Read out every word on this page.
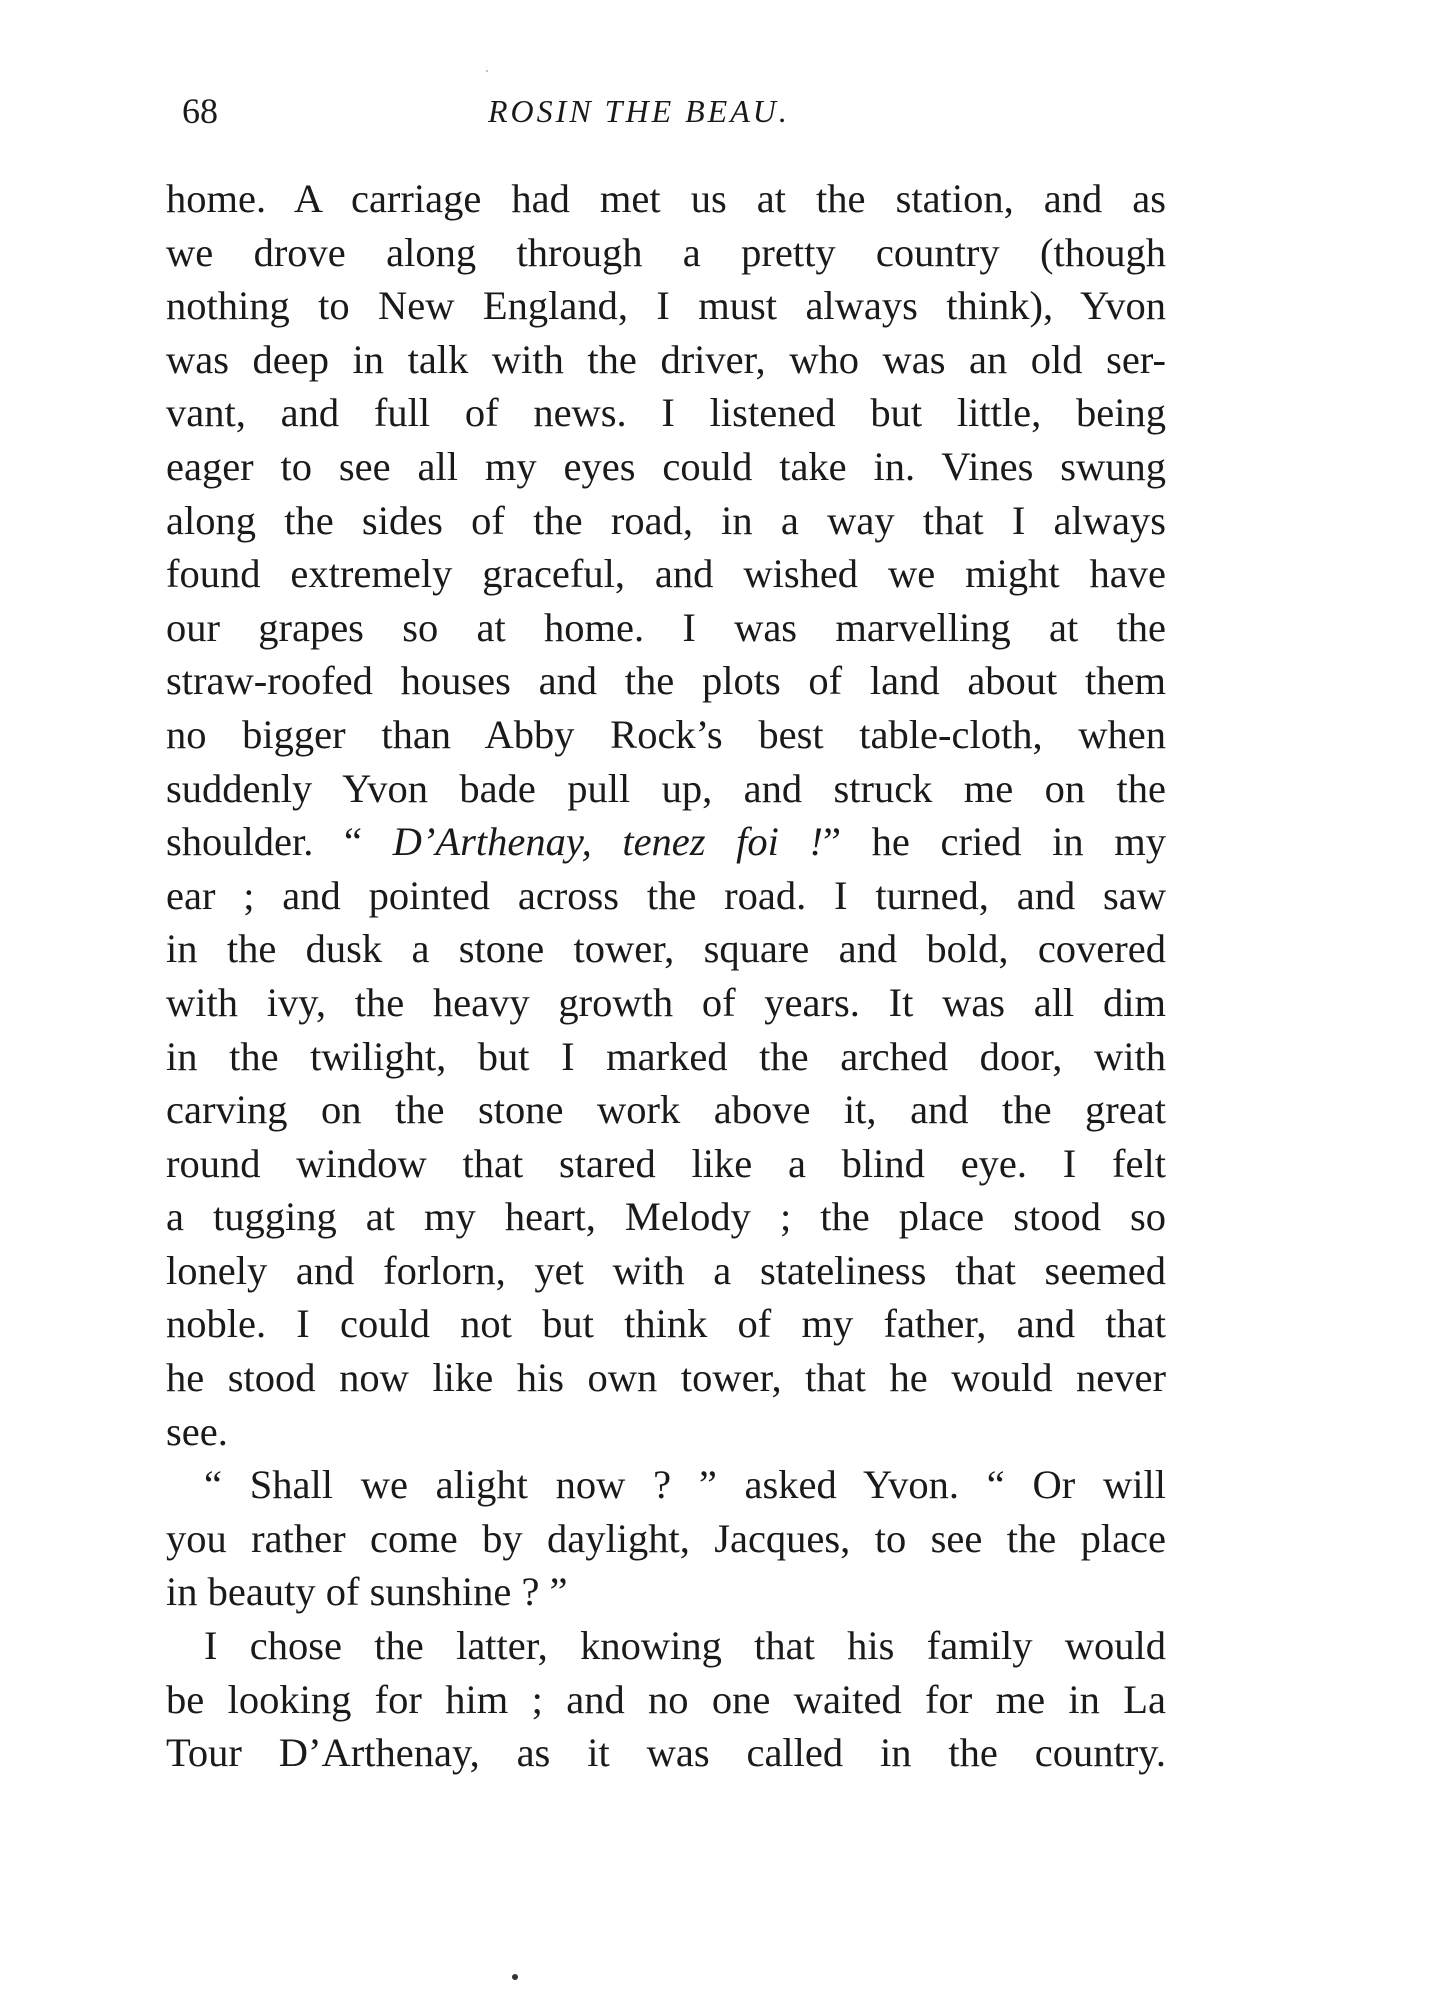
68	ROSIN THE BEAU.
home. A carriage had met us at the station, and as
we drove along through a pretty country (though
nothing to New England, I must always think), Yvon
was deep in talk with the driver, who was an old ser-
vant, and full of news. I listened but little, being
eager to see all my eyes could take in. Vines swung
along the sides of the road, in a way that I always
found extremely graceful, and wished we might have
our grapes so at home. I was marvelling at the
straw-roofed houses and the plots of land about them
no bigger than Abby Rock’s best table-cloth, when
suddenly Yvon bade pull up, and struck me on the
shoulder. “ D’Arthenay, tenez foi !” he cried in my
ear ; and pointed across the road. I turned, and saw
in the dusk a stone tower, square and bold, covered
with ivy, the heavy growth of years. It was all dim
in the twilight, but I marked the arched door, with
carving on the stone work above it, and the great
round window that stared like a blind eye. I felt
a tugging at my heart, Melody ; the place stood so
lonely and forlorn, yet with a stateliness that seemed
noble. I could not but think of my father, and that
he stood now like his own tower, that he would never
see.
“ Shall we alight now ? ” asked Yvon. “ Or will
you rather come by daylight, Jacques, to see the place
in beauty of sunshine ? ”
I chose the latter, knowing that his family would
be looking for him ; and no one waited for me in La
Tour D’Arthenay, as it was called in the country.
